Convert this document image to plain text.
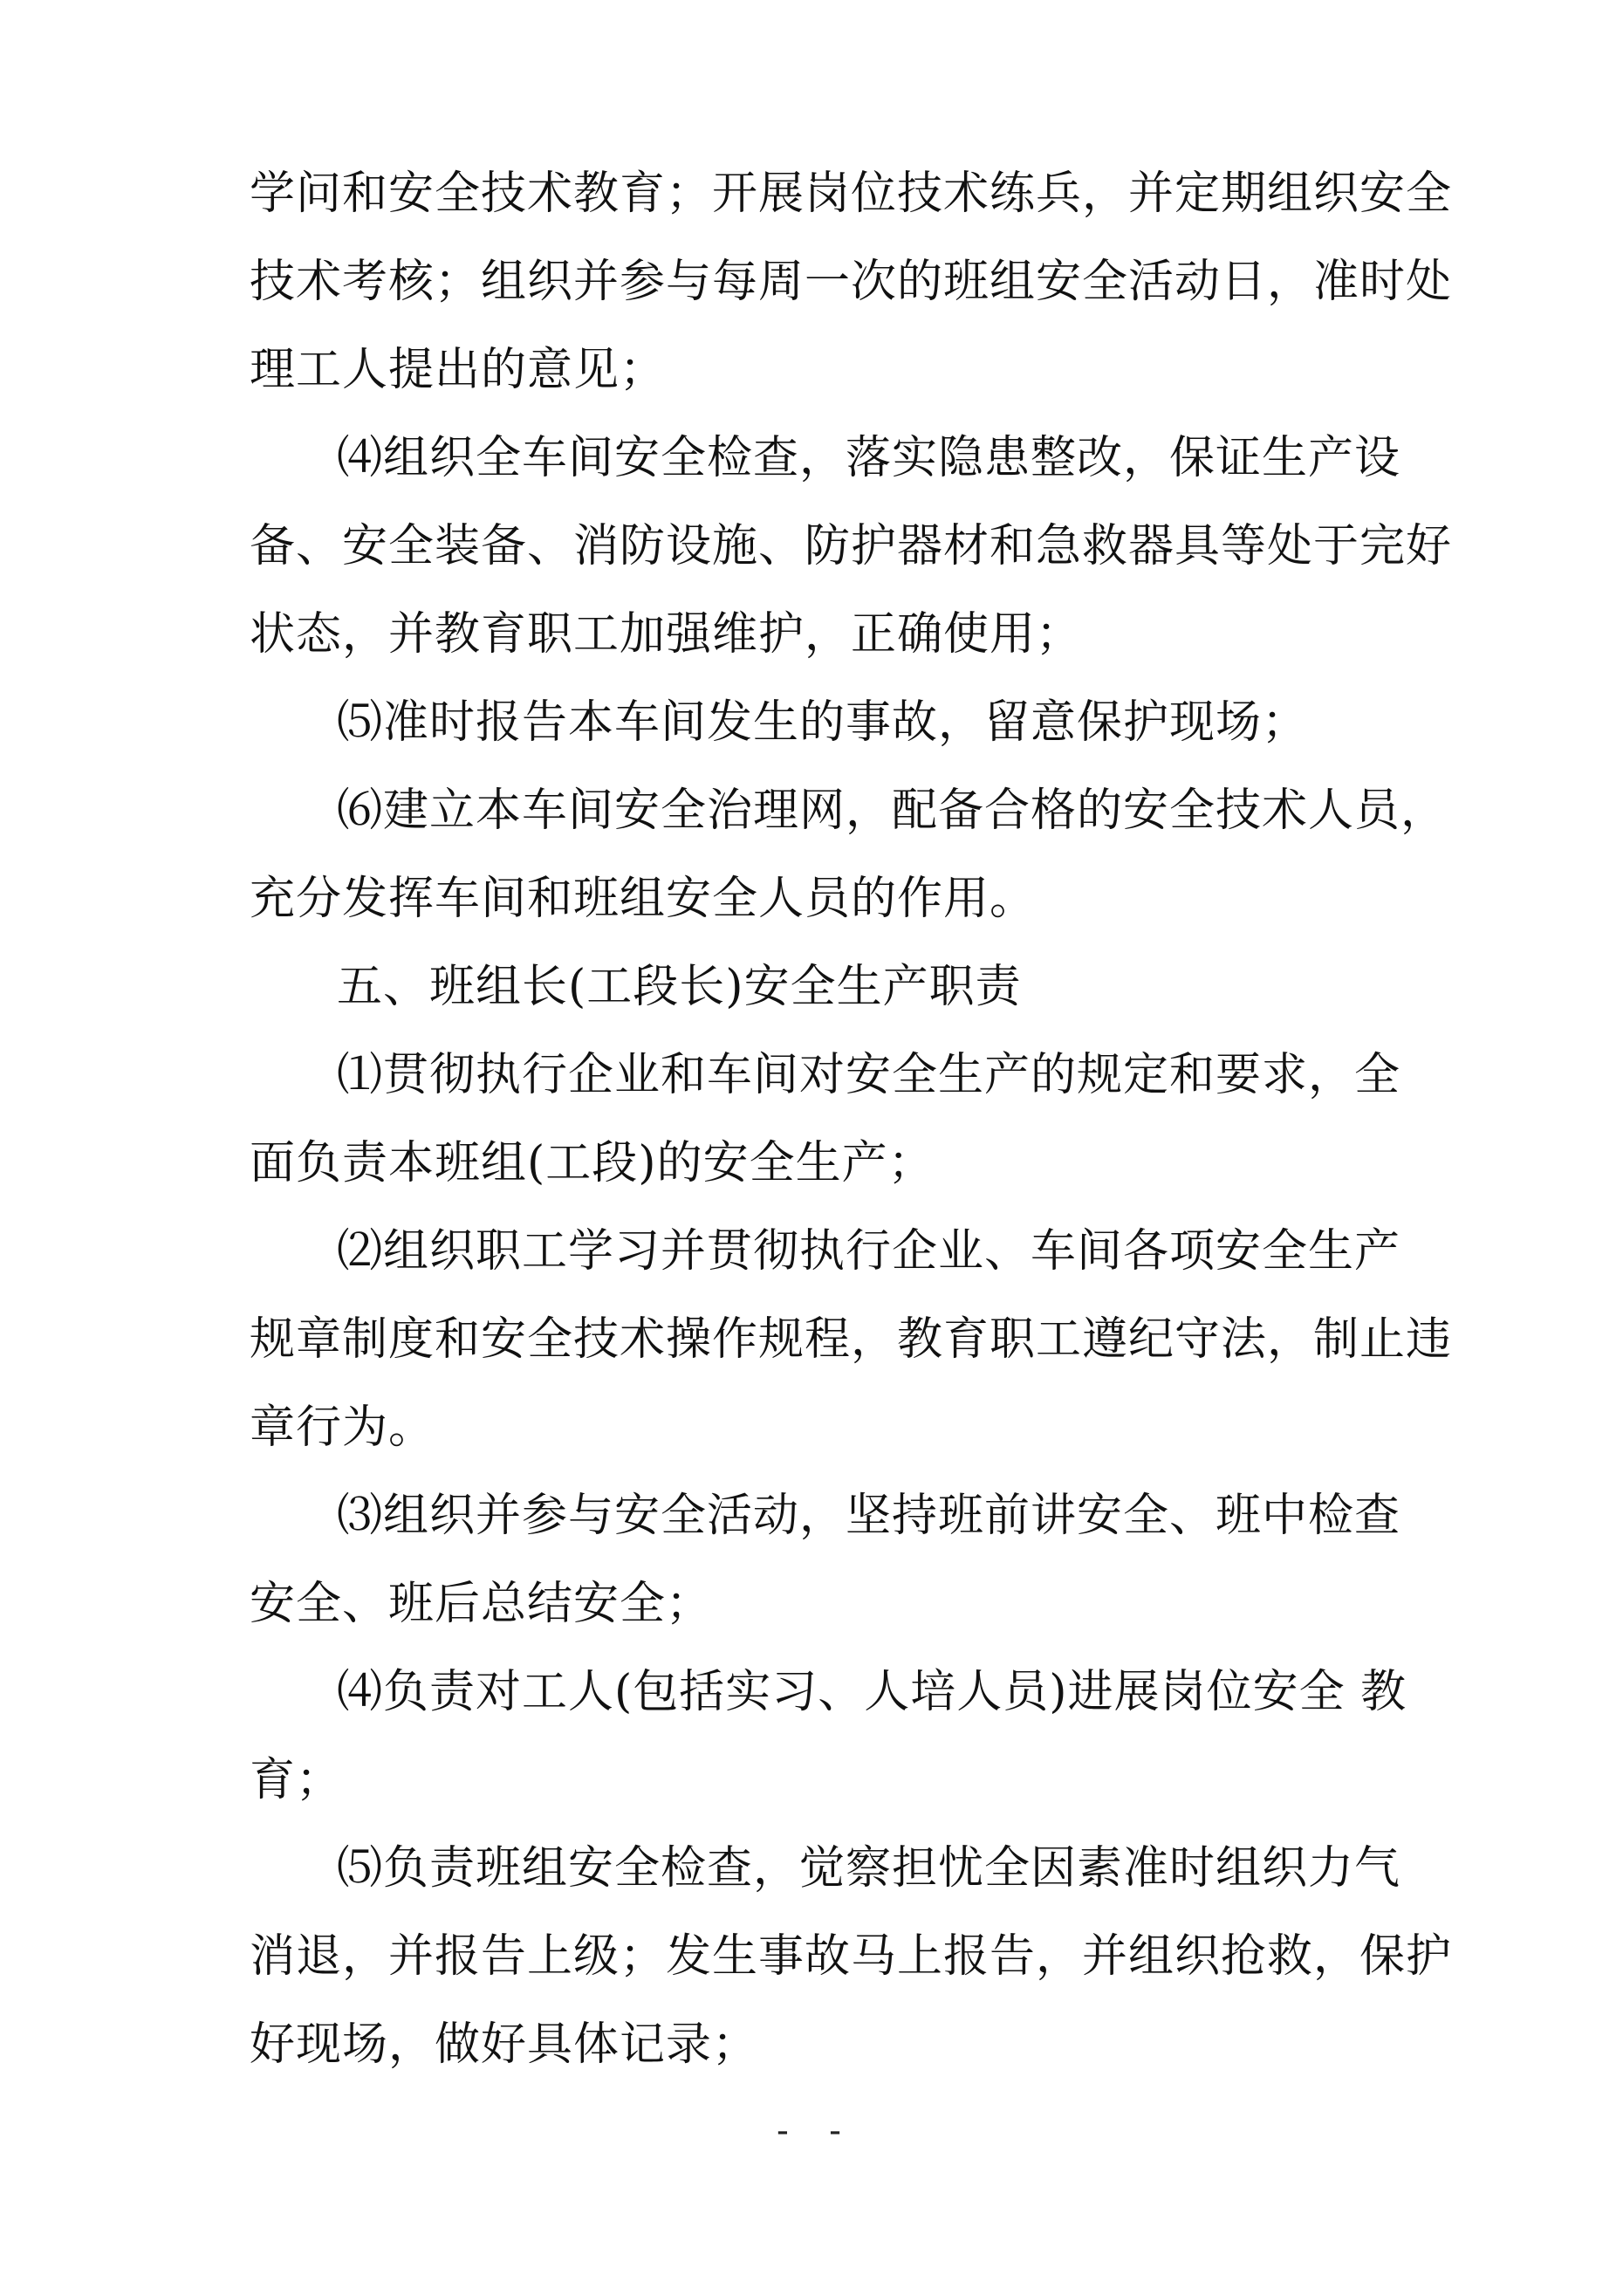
学问和安全技术教育；开展岗位技术练兵，并定期组织安全
技术考核；组织并参与每周一次的班组安全活动日，准时处
理工人提出的意见；
⑷组织全车间安全检查，落实隐患整改，保证生产设
备、安全装备、消防设施、防护器材和急救器具等处于完好
状态，并教育职工加强维护，正确使用；
⑸准时报告本车间发生的事故，留意保护现场；
⑹建立本车间安全治理网，配备合格的安全技术人员，
充分发挥车间和班组安全人员的作用。
五、班组长(工段长)安全生产职责
⑴贯彻执行企业和车间对安全生产的规定和要求，全
面负责本班组(工段)的安全生产；
⑵组织职工学习并贯彻执行企业、车间各项安全生产
规章制度和安全技术操作规程，教育职工遵纪守法，制止违
章行为。
⑶组织并参与安全活动，坚持班前讲安全、班中检查
安全、班后总结安全；
⑷负责对工人(包括实习、人培人员)进展岗位安全 教
育；
⑸负责班组安全检查，觉察担忧全因素准时组织力气
消退，并报告上级；发生事故马上报告，并组织抢救，保护
好现场，做好具体记录；
- -
